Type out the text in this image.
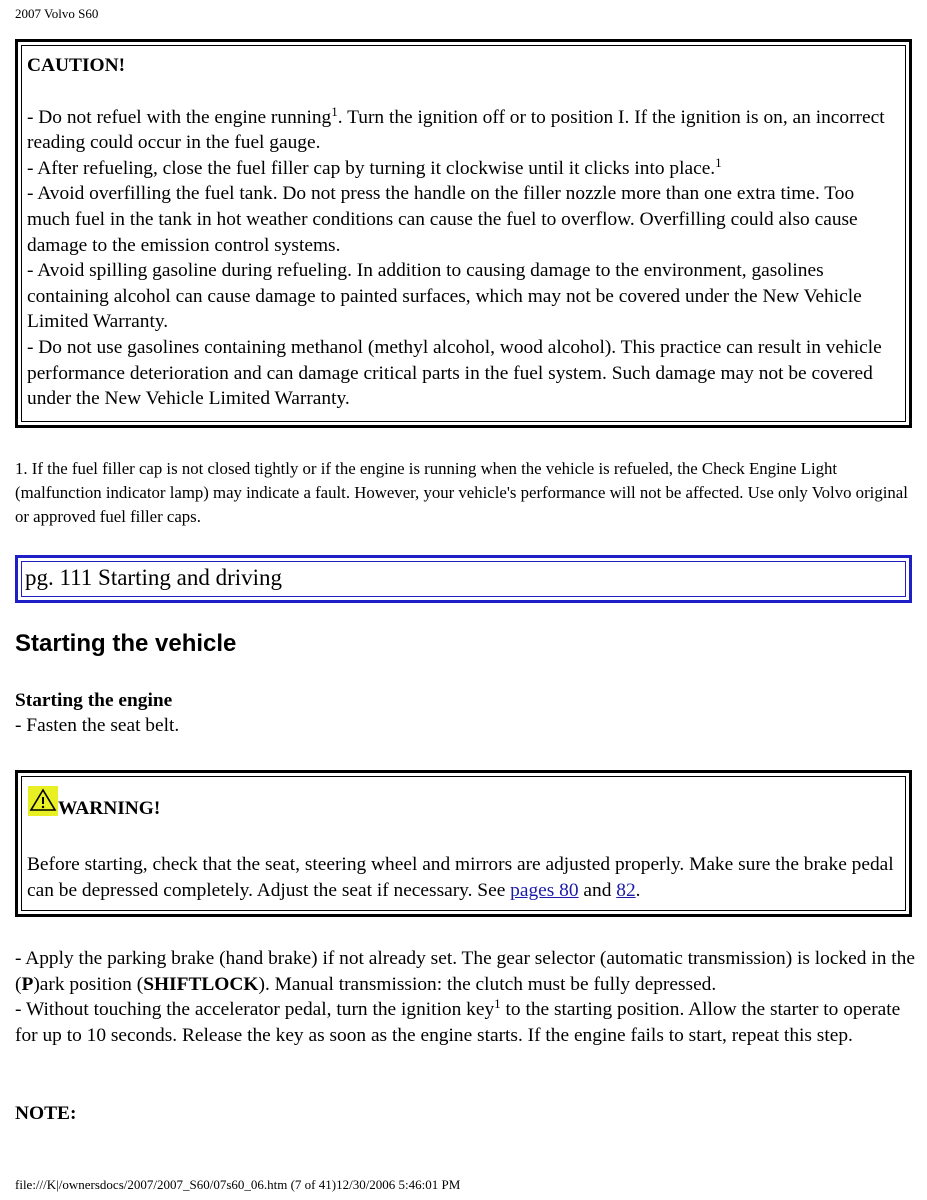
2007 Volvo S60
CAUTION!

- Do not refuel with the engine running$^1$. Turn the ignition off or to position I. If the ignition is on, an incorrect reading could occur in the fuel gauge.

- After refueling, close the fuel filler cap by turning it clockwise until it clicks into place.$^1$

- Avoid overfilling the fuel tank. Do not press the handle on the filler nozzle more than one extra time. Too much fuel in the tank in hot weather conditions can cause the fuel to overflow. Overfilling could also cause damage to the emission control systems.

- Avoid spilling gasoline during refueling. In addition to causing damage to the environment, gasolines containing alcohol can cause damage to painted surfaces, which may not be covered under the New Vehicle Limited Warranty.

- Do not use gasolines containing methanol (methyl alcohol, wood alcohol). This practice can result in vehicle performance deterioration and can damage critical parts in the fuel system. Such damage may not be covered under the New Vehicle Limited Warranty.

1. If the fuel filler cap is not closed tightly or if the engine is running when the vehicle is refueled, the Check Engine Light (malfunction indicator lamp) may indicate a fault. However, your vehicle's performance will not be affected. Use only Volvo original or approved fuel filler caps.
pg. 111 Starting and driving
Starting the vehicle
Starting the engine
- Fasten the seat belt.
WARNING!
Before starting, check that the seat, steering wheel and mirrors are adjusted properly. Make sure the brake pedal can be depressed completely. Adjust the seat if necessary. See pages 80 and 82.

- Apply the parking brake (hand brake) if not already set. The gear selector (automatic transmission) is locked in the (P)ark position (SHIFTLOCK). Manual transmission: the clutch must be fully depressed.

- Without touching the accelerator pedal, turn the ignition key$^1$ to the starting position. Allow the starter to operate for up to 10 seconds. Release the key as soon as the engine starts. If the engine fails to start, repeat this step.

NOTE:
file:///K|/ownersdocs/2007/2007_S60/07s60_06.htm (7 of 41)12/30/2006 5:46:01 PM
